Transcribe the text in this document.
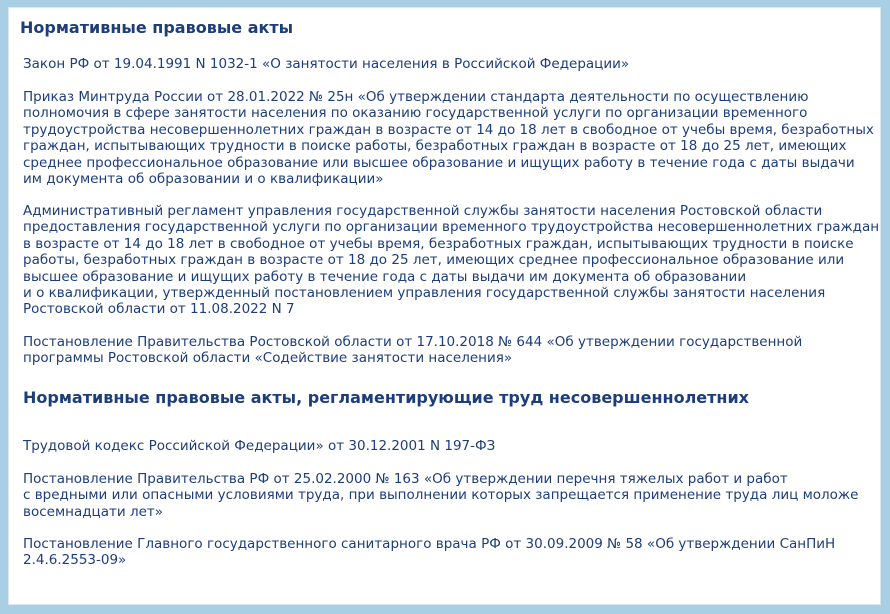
Нормативные правовые акты

Закон РФ от 19.04.1991 N 1032-1 «О занятости населения в Российской Федерации»

Приказ Минтруда России от 28.01.2022 № 25н «Об утверждении стандарта деятельности по осуществлению
полномочия в сфере занятости населения по оказанию государственной услуги по организации временного
трудоустройства несовершеннолетних граждан в возрасте от 14 до 18 лет в свободное от учебы время, безработных
граждан, испытывающих трудности в поиске работы, безработных граждан в возрасте от 18 до 25 лет, имеющих
среднее профессиональное образование или высшее образование и ищущих работу в течение года с даты выдачи
им документа об образовании и о квалификации»

Административный регламент управления государственной службы занятости населения Ростовской области
предоставления государственной услуги по организации временного трудоустройства несовершеннолетних граждан
в возрасте от 14 до 18 лет в свободное от учебы время, безработных граждан, испытывающих трудности в поиске
работы, безработных граждан в возрасте от 18 до 25 лет, имеющих среднее профессиональное образование или
высшее образование и ищущих работу в течение года с даты выдачи им документа об образовании
и о квалификации, утвержденный постановлением управления государственной службы занятости населения
Ростовской области от 11.08.2022 N 7

Постановление Правительства Ростовской области от 17.10.2018 № 644 «Об утверждении государственной
программы Ростовской области «Содействие занятости населения»

Нормативные правовые акты, регламентирующие труд несовершеннолетних

Трудовой кодекс Российской Федерации» от 30.12.2001 N 197-ФЗ

Постановление Правительства РФ от 25.02.2000 № 163 «Об утверждении перечня тяжелых работ и работ
с вредными или опасными условиями труда, при выполнении которых запрещается применение труда лиц моложе
восемнадцати лет»

Постановление Главного государственного санитарного врача РФ от 30.09.2009 № 58 «Об утверждении СанПиН
2.4.6.2553-09»
